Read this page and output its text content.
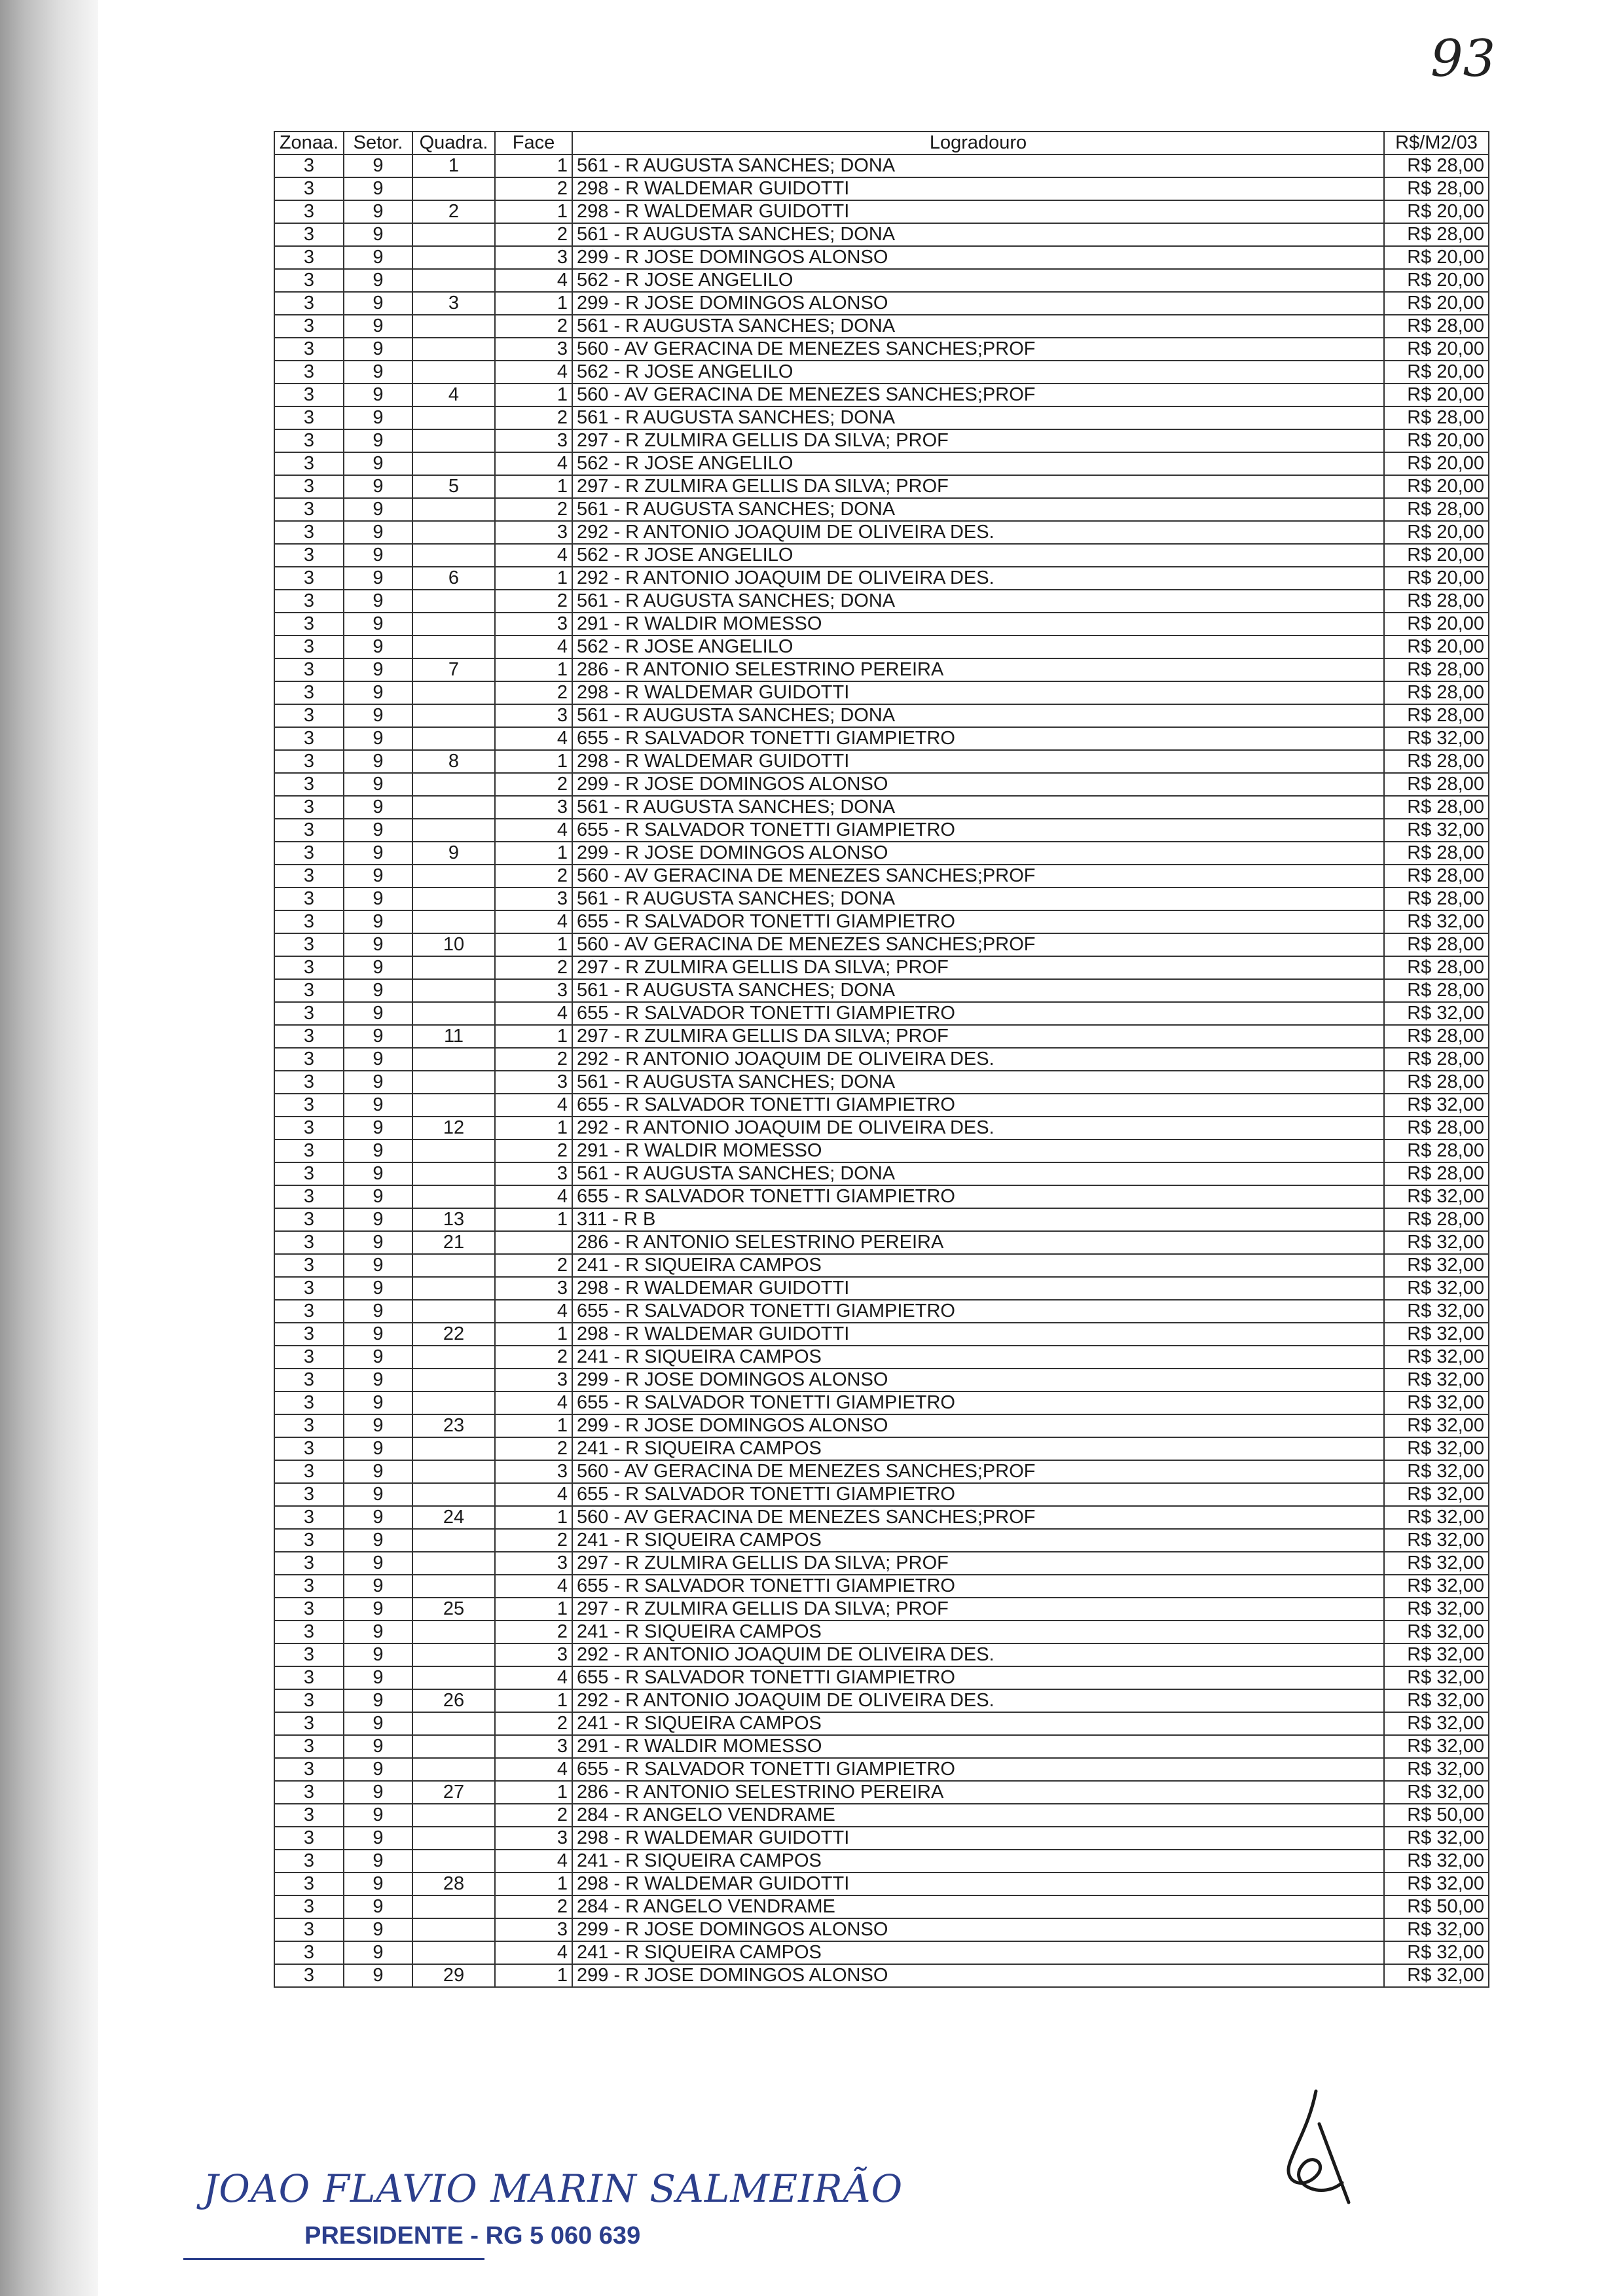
93
Zonaa.	Setor.	Quadra.	Face	Logradouro	R$/M2/03
3	9	1	1	561 - R AUGUSTA SANCHES; DONA	R$ 28,00
3	9		2	298 - R WALDEMAR GUIDOTTI	R$ 28,00
3	9	2	1	298 - R WALDEMAR GUIDOTTI	R$ 20,00
3	9		2	561 - R AUGUSTA SANCHES; DONA	R$ 28,00
3	9		3	299 - R JOSE DOMINGOS ALONSO	R$ 20,00
3	9		4	562 - R JOSE ANGELILO	R$ 20,00
3	9	3	1	299 - R JOSE DOMINGOS ALONSO	R$ 20,00
3	9		2	561 - R AUGUSTA SANCHES; DONA	R$ 28,00
3	9		3	560 - AV GERACINA DE MENEZES SANCHES;PROF	R$ 20,00
3	9		4	562 - R JOSE ANGELILO	R$ 20,00
3	9	4	1	560 - AV GERACINA DE MENEZES SANCHES;PROF	R$ 20,00
3	9		2	561 - R AUGUSTA SANCHES; DONA	R$ 28,00
3	9		3	297 - R ZULMIRA GELLIS DA SILVA; PROF	R$ 20,00
3	9		4	562 - R JOSE ANGELILO	R$ 20,00
3	9	5	1	297 - R ZULMIRA GELLIS DA SILVA; PROF	R$ 20,00
3	9		2	561 - R AUGUSTA SANCHES; DONA	R$ 28,00
3	9		3	292 - R ANTONIO JOAQUIM DE OLIVEIRA DES.	R$ 20,00
3	9		4	562 - R JOSE ANGELILO	R$ 20,00
3	9	6	1	292 - R ANTONIO JOAQUIM DE OLIVEIRA DES.	R$ 20,00
3	9		2	561 - R AUGUSTA SANCHES; DONA	R$ 28,00
3	9		3	291 - R WALDIR MOMESSO	R$ 20,00
3	9		4	562 - R JOSE ANGELILO	R$ 20,00
3	9	7	1	286 - R ANTONIO SELESTRINO PEREIRA	R$ 28,00
3	9		2	298 - R WALDEMAR GUIDOTTI	R$ 28,00
3	9		3	561 - R AUGUSTA SANCHES; DONA	R$ 28,00
3	9		4	655 - R SALVADOR TONETTI GIAMPIETRO	R$ 32,00
3	9	8	1	298 - R WALDEMAR GUIDOTTI	R$ 28,00
3	9		2	299 - R JOSE DOMINGOS ALONSO	R$ 28,00
3	9		3	561 - R AUGUSTA SANCHES; DONA	R$ 28,00
3	9		4	655 - R SALVADOR TONETTI GIAMPIETRO	R$ 32,00
3	9	9	1	299 - R JOSE DOMINGOS ALONSO	R$ 28,00
3	9		2	560 - AV GERACINA DE MENEZES SANCHES;PROF	R$ 28,00
3	9		3	561 - R AUGUSTA SANCHES; DONA	R$ 28,00
3	9		4	655 - R SALVADOR TONETTI GIAMPIETRO	R$ 32,00
3	9	10	1	560 - AV GERACINA DE MENEZES SANCHES;PROF	R$ 28,00
3	9		2	297 - R ZULMIRA GELLIS DA SILVA; PROF	R$ 28,00
3	9		3	561 - R AUGUSTA SANCHES; DONA	R$ 28,00
3	9		4	655 - R SALVADOR TONETTI GIAMPIETRO	R$ 32,00
3	9	11	1	297 - R ZULMIRA GELLIS DA SILVA; PROF	R$ 28,00
3	9		2	292 - R ANTONIO JOAQUIM DE OLIVEIRA DES.	R$ 28,00
3	9		3	561 - R AUGUSTA SANCHES; DONA	R$ 28,00
3	9		4	655 - R SALVADOR TONETTI GIAMPIETRO	R$ 32,00
3	9	12	1	292 - R ANTONIO JOAQUIM DE OLIVEIRA DES.	R$ 28,00
3	9		2	291 - R WALDIR MOMESSO	R$ 28,00
3	9		3	561 - R AUGUSTA SANCHES; DONA	R$ 28,00
3	9		4	655 - R SALVADOR TONETTI GIAMPIETRO	R$ 32,00
3	9	13	1	311 - R B	R$ 28,00
3	9	21		286 - R ANTONIO SELESTRINO PEREIRA	R$ 32,00
3	9		2	241 - R SIQUEIRA CAMPOS	R$ 32,00
3	9		3	298 - R WALDEMAR GUIDOTTI	R$ 32,00
3	9		4	655 - R SALVADOR TONETTI GIAMPIETRO	R$ 32,00
3	9	22	1	298 - R WALDEMAR GUIDOTTI	R$ 32,00
3	9		2	241 - R SIQUEIRA CAMPOS	R$ 32,00
3	9		3	299 - R JOSE DOMINGOS ALONSO	R$ 32,00
3	9		4	655 - R SALVADOR TONETTI GIAMPIETRO	R$ 32,00
3	9	23	1	299 - R JOSE DOMINGOS ALONSO	R$ 32,00
3	9		2	241 - R SIQUEIRA CAMPOS	R$ 32,00
3	9		3	560 - AV GERACINA DE MENEZES SANCHES;PROF	R$ 32,00
3	9		4	655 - R SALVADOR TONETTI GIAMPIETRO	R$ 32,00
3	9	24	1	560 - AV GERACINA DE MENEZES SANCHES;PROF	R$ 32,00
3	9		2	241 - R SIQUEIRA CAMPOS	R$ 32,00
3	9		3	297 - R ZULMIRA GELLIS DA SILVA; PROF	R$ 32,00
3	9		4	655 - R SALVADOR TONETTI GIAMPIETRO	R$ 32,00
3	9	25	1	297 - R ZULMIRA GELLIS DA SILVA; PROF	R$ 32,00
3	9		2	241 - R SIQUEIRA CAMPOS	R$ 32,00
3	9		3	292 - R ANTONIO JOAQUIM DE OLIVEIRA DES.	R$ 32,00
3	9		4	655 - R SALVADOR TONETTI GIAMPIETRO	R$ 32,00
3	9	26	1	292 - R ANTONIO JOAQUIM DE OLIVEIRA DES.	R$ 32,00
3	9		2	241 - R SIQUEIRA CAMPOS	R$ 32,00
3	9		3	291 - R WALDIR MOMESSO	R$ 32,00
3	9		4	655 - R SALVADOR TONETTI GIAMPIETRO	R$ 32,00
3	9	27	1	286 - R ANTONIO SELESTRINO PEREIRA	R$ 32,00
3	9		2	284 - R ANGELO VENDRAME	R$ 50,00
3	9		3	298 - R WALDEMAR GUIDOTTI	R$ 32,00
3	9		4	241 - R SIQUEIRA CAMPOS	R$ 32,00
3	9	28	1	298 - R WALDEMAR GUIDOTTI	R$ 32,00
3	9		2	284 - R ANGELO VENDRAME	R$ 50,00
3	9		3	299 - R JOSE DOMINGOS ALONSO	R$ 32,00
3	9		4	241 - R SIQUEIRA CAMPOS	R$ 32,00
3	9	29	1	299 - R JOSE DOMINGOS ALONSO	R$ 32,00
JOAO FLAVIO MARIN SALMEIRÃO
PRESIDENTE - RG 5 060 639
